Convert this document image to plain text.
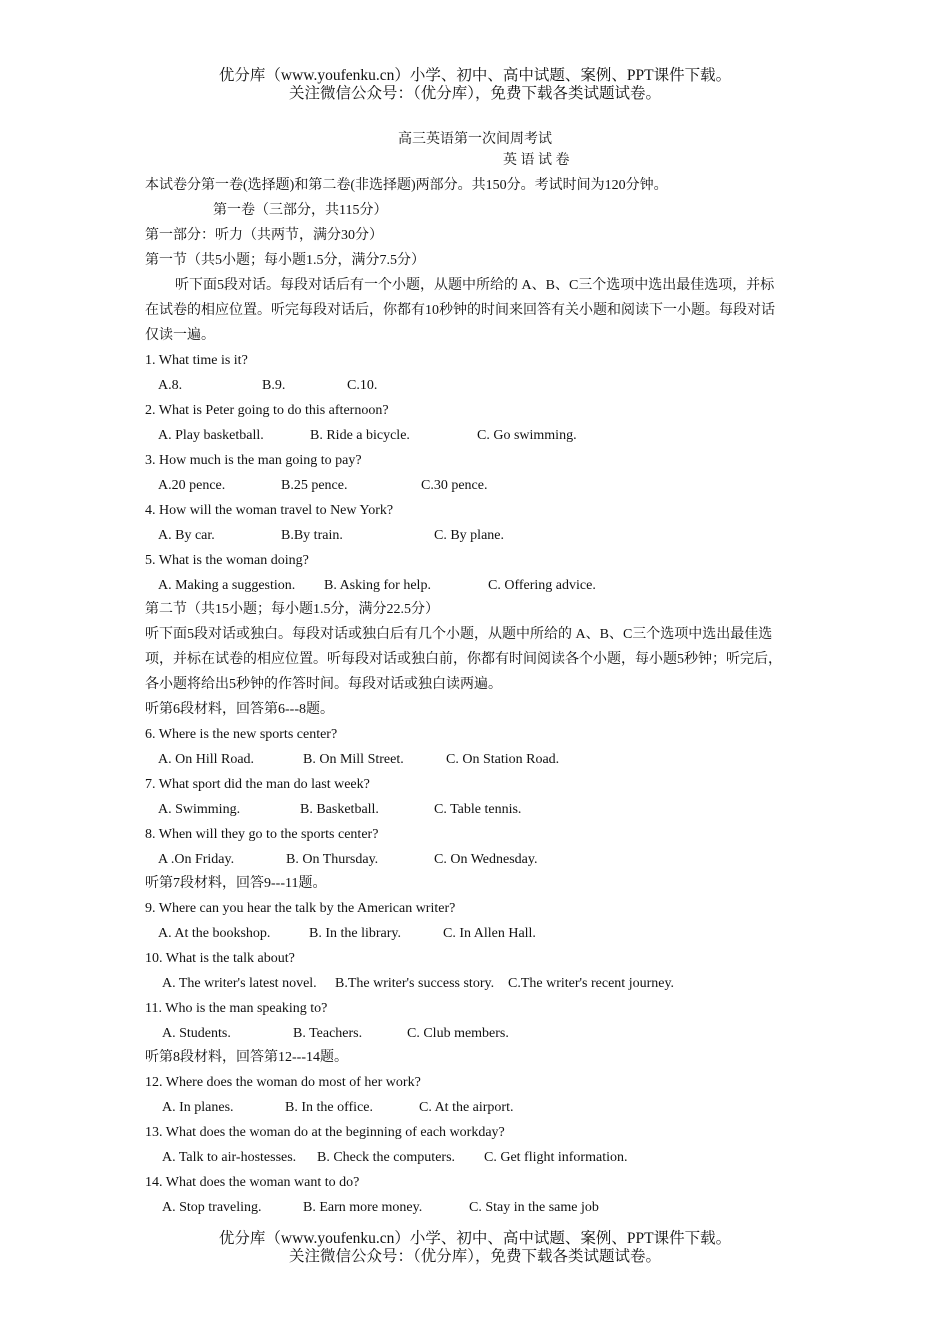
优分库（www.youfenku.cn）小学、初中、高中试题、案例、PPT课件下载。
关注微信公众号：（优分库），免费下载各类试题试卷。
高三英语第一次间周考试
英 语 试 卷
本试卷分第一卷(选择题)和第二卷(非选择题)两部分。共150分。考试时间为120分钟。
第一卷（三部分，共115分）
第一部分：听力（共两节，满分30分）
第一节（共5小题；每小题1.5分，满分7.5分）
听下面5段对话。每段对话后有一个小题，从题中所给的 A、B、C三个选项中选出最佳选项，并标
在试卷的相应位置。听完每段对话后，你都有10秒钟的时间来回答有关小题和阅读下一小题。每段对话
仅读一遍。
1. What time is it?
A.8.	B.9.	C.10.
2. What is Peter going to do this afternoon?
A. Play basketball.	B. Ride a bicycle.	C. Go swimming.
3. How much is the man going to pay?
A.20 pence.	B.25 pence.	C.30 pence.
4. How will the woman travel to New York?
A. By car.	B.By train.	C. By plane.
5. What is the woman doing?
A. Making a suggestion. B. Asking for help.	C. Offering advice.
第二节（共15小题；每小题1.5分，满分22.5分）
听下面5段对话或独白。每段对话或独白后有几个小题，从题中所给的 A、B、C三个选项中选出最佳选
项，并标在试卷的相应位置。听每段对话或独白前，你都有时间阅读各个小题，每小题5秒钟；听完后，
各小题将给出5秒钟的作答时间。每段对话或独白读两遍。
听第6段材料，回答第6---8题。
6. Where is the new sports center?
A. On Hill Road.	B. On Mill Street.	C. On Station Road.
7. What sport did the man do last week?
A. Swimming.	B. Basketball.	C. Table tennis.
8. When will they go to the sports center?
A .On Friday.	B. On Thursday.	C. On Wednesday.
听第7段材料，回答9---11题。
9. Where can you hear the talk by the American writer?
A. At the bookshop.	B. In the library.	C. In Allen Hall.
10. What is the talk about?
A. The writer's latest novel. B.The writer's success story. C.The writer's recent journey.
11. Who is the man speaking to?
A. Students.	B. Teachers.	C. Club members.
听第8段材料，回答第12---14题。
12. Where does the woman do most of her work?
A. In planes.	B. In the office.	C. At the airport.
13. What does the woman do at the beginning of each workday?
A. Talk to air-hostesses. B. Check the computers. C. Get flight information.
14. What does the woman want to do?
A. Stop traveling.	B. Earn more money.	C. Stay in the same job
优分库（www.youfenku.cn）小学、初中、高中试题、案例、PPT课件下载。
关注微信公众号：（优分库），免费下载各类试题试卷。
